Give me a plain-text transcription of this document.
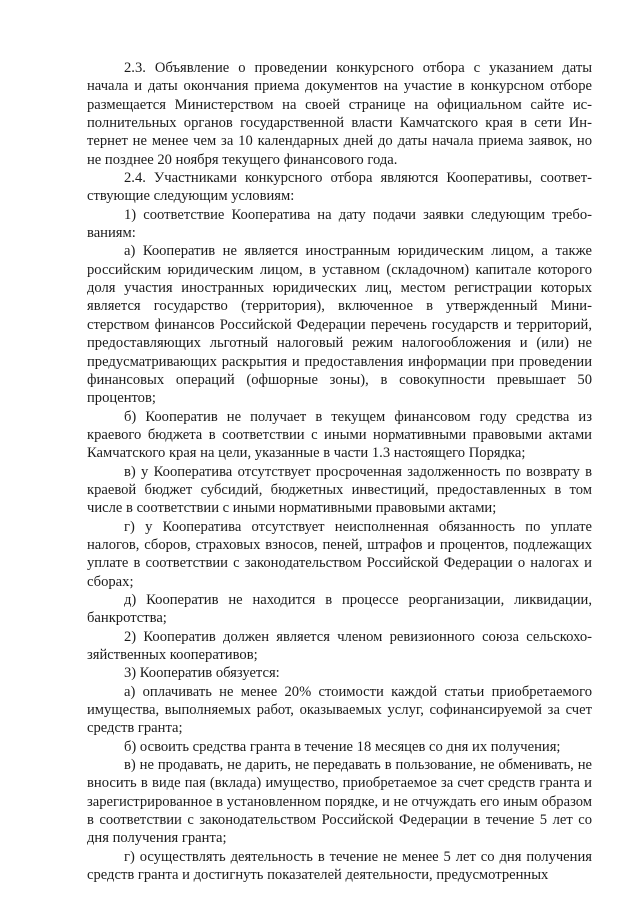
2.3. Объявление о проведении конкурсного отбора с указанием даты начала и даты окончания приема документов на участие в конкурсном отборе размещается Министерством на своей странице на официальном сайте исполнительных органов государственной власти Камчатского края в сети Интернет не менее чем за 10 календарных дней до даты начала приема заявок, но не позднее 20 ноября текущего финансового года.

2.4. Участниками конкурсного отбора являются Кооперативы, соответствующие следующим условиям:

1) соответствие Кооператива на дату подачи заявки следующим требованиям:

а) Кооператив не является иностранным юридическим лицом, а также российским юридическим лицом, в уставном (складочном) капитале которого доля участия иностранных юридических лиц, местом регистрации которых является государство (территория), включенное в утвержденный Министерством финансов Российской Федерации перечень государств и территорий, предоставляющих льготный налоговый режим налогообложения и (или) не предусматривающих раскрытия и предоставления информации при проведении финансовых операций (офшорные зоны), в совокупности превышает 50 процентов;

б) Кооператив не получает в текущем финансовом году средства из краевого бюджета в соответствии с иными нормативными правовыми актами Камчатского края на цели, указанные в части 1.3 настоящего Порядка;

в) у Кооператива отсутствует просроченная задолженность по возврату в краевой бюджет субсидий, бюджетных инвестиций, предоставленных в том числе в соответствии с иными нормативными правовыми актами;

г) у Кооператива отсутствует неисполненная обязанность по уплате налогов, сборов, страховых взносов, пеней, штрафов и процентов, подлежащих уплате в соответствии с законодательством Российской Федерации о налогах и сборах;

д) Кооператив не находится в процессе реорганизации, ликвидации, банкротства;

2) Кооператив должен является членом ревизионного союза сельскохозяйственных кооперативов;

3) Кооператив обязуется:

а) оплачивать не менее 20% стоимости каждой статьи приобретаемого имущества, выполняемых работ, оказываемых услуг, софинансируемой за счет средств гранта;

б) освоить средства гранта в течение 18 месяцев со дня их получения;

в) не продавать, не дарить, не передавать в пользование, не обменивать, не вносить в виде пая (вклада) имущество, приобретаемое за счет средств гранта и зарегистрированное в установленном порядке, и не отчуждать его иным образом в соответствии с законодательством Российской Федерации в течение 5 лет со дня получения гранта;

г) осуществлять деятельность в течение не менее 5 лет со дня получения средств гранта и достигнуть показателей деятельности, предусмотренных
